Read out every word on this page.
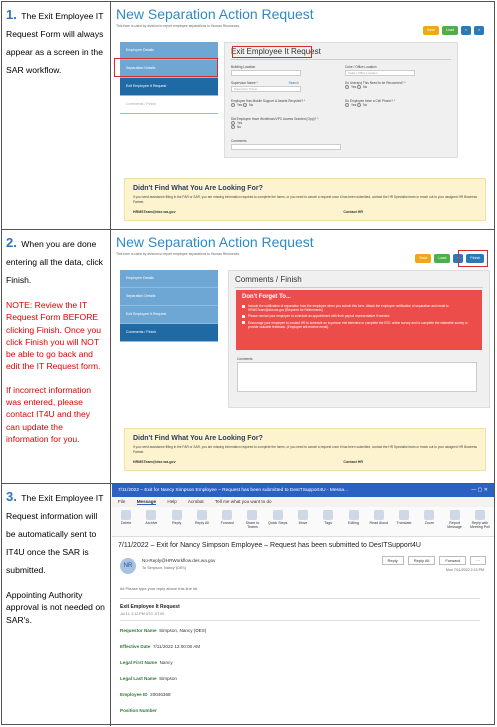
1. The Exit Employee IT Request Form will always appear as a screen in the SAR workflow.
New Separation Action Request
This form is used by division to report employee separations to Human Resources.
Save	Load	<	>
Employee Details
Separation Details
Exit Employee It Request
Comments / Finish
Exit Employee It Request
Building Location	Cube / Office Location
Cube / Office Location
Supervisor Name *	Search
Supervisor Name
Do Users(s) This Need to be Recovered? *
Yes No
Employee Has Mobile Support & Assets Recycled? *
Yes No
Do Employee have a Cell Phone? *
Yes No
Did Employee Have Workflows/VPC Access Granted (Opp)? *
Yes
No
Comments
Didn't Find What You Are Looking For?
If you need assistance filling in the PAR or SAR, you are missing information required to complete the forms, or you need to cancel a request once it has been submitted, contact the HR Specialist team or reach out to your assigned HR Business Partner.
HRMSTeam@dse.wa.gov	Contact HR
2. When you are done entering all the data, click Finish.
NOTE: Review the IT Request Form BEFORE clicking Finish. Once you click Finish you will NOT be able to go back and edit the IT Request form.
If incorrect information was entered, please contact IT4U and they can update the information for you.
New Separation Action Request
This form is used by division to report employee separations to Human Resources.
Save	Load	<	Finish
Employee Details
Separation Details
Exit Employee It Request
Comments / Finish
Comments / Finish
Comments
Don't Forget To...
Include the notification of separation from the employee when you submit this form. Attach the employee notification of separation and email to HRMSTeam@dfw.wa.gov (Required for Retirements)
Please remind your employee to schedule an appointment with their payroll representative if needed.
Encourage your employee to contact HR to schedule an in-person exit interview or complete the ESC online survey and to complete the statewide survey to provide valuable feedback. (Employee will receive email).
Didn't Find What You Are Looking For?
If you need assistance filling in the PAR or SAR, you are missing information required to complete the forms, or you need to cancel a request once it has been submitted, contact the HR Specialist team or reach out to your assigned HR Business Partner.
HRMSTeam@dse.wa.gov	Contact HR
3. The Exit Employee IT Request information will be automatically sent to IT4U once the SAR is submitted.
Appointing Authority approval is not needed on SAR's.
7/11/2022 – Exit for Nancy Simpson Employee – Request has been submitted to DesITSupport4U - Messa...	— ▢ ✕
File Message Help Acrobat Tell me what you want to do
Delete	Archive	Reply	Reply All	Forward	Share to Teams
Quick Steps	Move	Tags	Editing	Read Aloud	Translate	Zoom	Report Message
Reply with Meeting Poll
7/11/2022 – Exit for Nancy Simpson Employee – Request has been submitted to DesITSupport4U
NR
No-Reply@HRWorkflow.des.wa.gov
To Simpson, Nancy (DES)
Reply	Reply All	Forward	···
Mon 7/11/2022 2:15 PM
## Please type your reply above this line ##
Exit Employee It Request
Jul 11, 2:12 PM UTC -07:00
Requestor Name Simpson, Nancy (DES)
Effective Date 7/11/2022 12:00:00 AM
Legal First Name Nancy
Legal Last Name Simpson
Employee ID 20046368
Position Number
